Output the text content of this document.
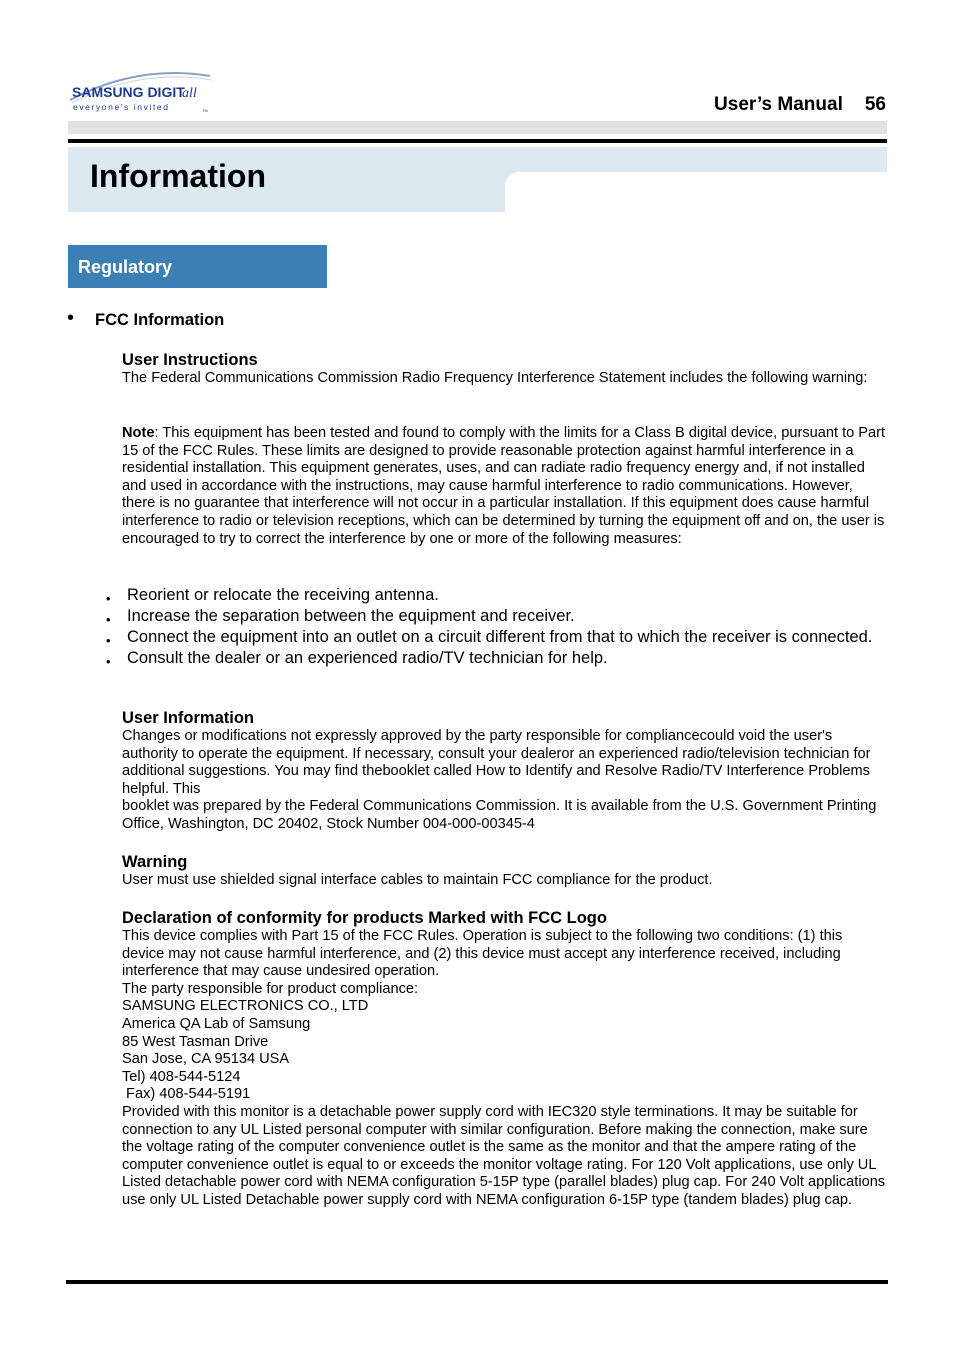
SAMSUNG DIGIT
all
everyone's invited	TM	User’s Manual 56
Information
Regulatory
• FCC Information
User Instructions

The Federal Communications Commission Radio Frequency Interference Statement includes the following warning:

Note: This equipment has been tested and found to comply with the limits for a Class B digital device, pursuant to Part 15 of the FCC Rules. These limits are designed to provide reasonable protection against harmful interference in a residential installation. This equipment generates, uses, and can radiate radio frequency energy and, if not installed and used in accordance with the instructions, may cause harmful interference to radio communications. However, there is no guarantee that interference will not occur in a particular installation. If this equipment does cause harmful interference to radio or television receptions, which can be determined by turning the equipment off and on, the user is encouraged to try to correct the interference by one or more of the following measures:

• Reorient or relocate the receiving antenna.
• Increase the separation between the equipment and receiver.
• Connect the equipment into an outlet on a circuit different from that to which the receiver is connected.
• Consult the dealer or an experienced radio/TV technician for help.
User Information

Changes or modifications not expressly approved by the party responsible for compliancecould void the user's authority to operate the equipment. If necessary, consult your dealeror an experienced radio/television technician for additional suggestions. You may find thebooklet called How to Identify and Resolve Radio/TV Interference Problems helpful. This

booklet was prepared by the Federal Communications Commission. It is available from the U.S. Government Printing Office, Washington, DC 20402, Stock Number 004-000-00345-4

Warning

User must use shielded signal interface cables to maintain FCC compliance for the product.

Declaration of conformity for products Marked with FCC Logo

This device complies with Part 15 of the FCC Rules. Operation is subject to the following two conditions: (1) this device may not cause harmful interference, and (2) this device must accept any interference received, including interference that may cause undesired operation.

The party responsible for product compliance:

SAMSUNG ELECTRONICS CO., LTD

America QA Lab of Samsung

85 West Tasman Drive

San Jose, CA 95134 USA

Tel) 408-544-5124

Fax) 408-544-5191

Provided with this monitor is a detachable power supply cord with IEC320 style terminations. It may be suitable for connection to any UL Listed personal computer with similar configuration. Before making the connection, make sure the voltage rating of the computer convenience outlet is the same as the monitor and that the ampere rating of the

computer convenience outlet is equal to or exceeds the monitor voltage rating. For 120 Volt applications, use only UL Listed detachable power cord with NEMA configuration 5-15P type (parallel blades) plug cap. For 240 Volt applications use only UL Listed Detachable power supply cord with NEMA configuration 6-15P type (tandem blades) plug cap.
